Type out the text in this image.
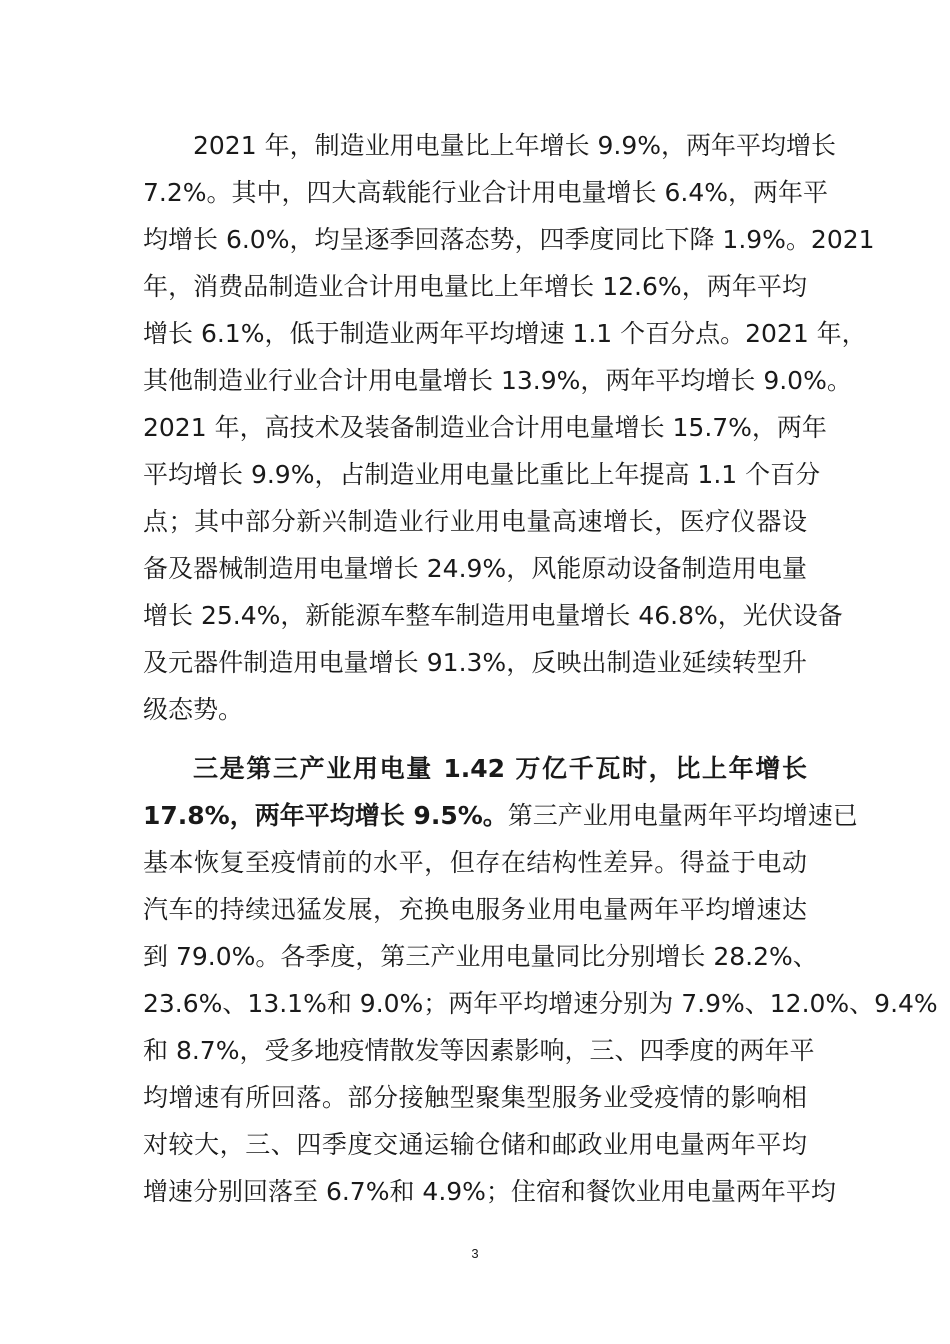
2021 年，制造业用电量比上年增长 9.9%，两年平均增长
7.2%。其中，四大高载能行业合计用电量增长 6.4%，两年平
均增长 6.0%，均呈逐季回落态势，四季度同比下降 1.9%。2021
年，消费品制造业合计用电量比上年增长 12.6%，两年平均
增长 6.1%，低于制造业两年平均增速 1.1 个百分点。2021 年，
其他制造业行业合计用电量增长 13.9%，两年平均增长 9.0%。
2021 年，高技术及装备制造业合计用电量增长 15.7%，两年
平均增长 9.9%，占制造业用电量比重比上年提高 1.1 个百分
点；其中部分新兴制造业行业用电量高速增长，医疗仪器设
备及器械制造用电量增长 24.9%，风能原动设备制造用电量
增长 25.4%，新能源车整车制造用电量增长 46.8%，光伏设备
及元器件制造用电量增长 91.3%，反映出制造业延续转型升
级态势。
三是第三产业用电量 1.42 万亿千瓦时，比上年增长
17.8%，两年平均增长 9.5%。第三产业用电量两年平均增速已
基本恢复至疫情前的水平，但存在结构性差异。得益于电动
汽车的持续迅猛发展，充换电服务业用电量两年平均增速达
到 79.0%。各季度，第三产业用电量同比分别增长 28.2%、
23.6%、13.1%和 9.0%；两年平均增速分别为 7.9%、12.0%、9.4%
和 8.7%，受多地疫情散发等因素影响，三、四季度的两年平
均增速有所回落。部分接触型聚集型服务业受疫情的影响相
对较大，三、四季度交通运输仓储和邮政业用电量两年平均
增速分别回落至 6.7%和 4.9%；住宿和餐饮业用电量两年平均
3
